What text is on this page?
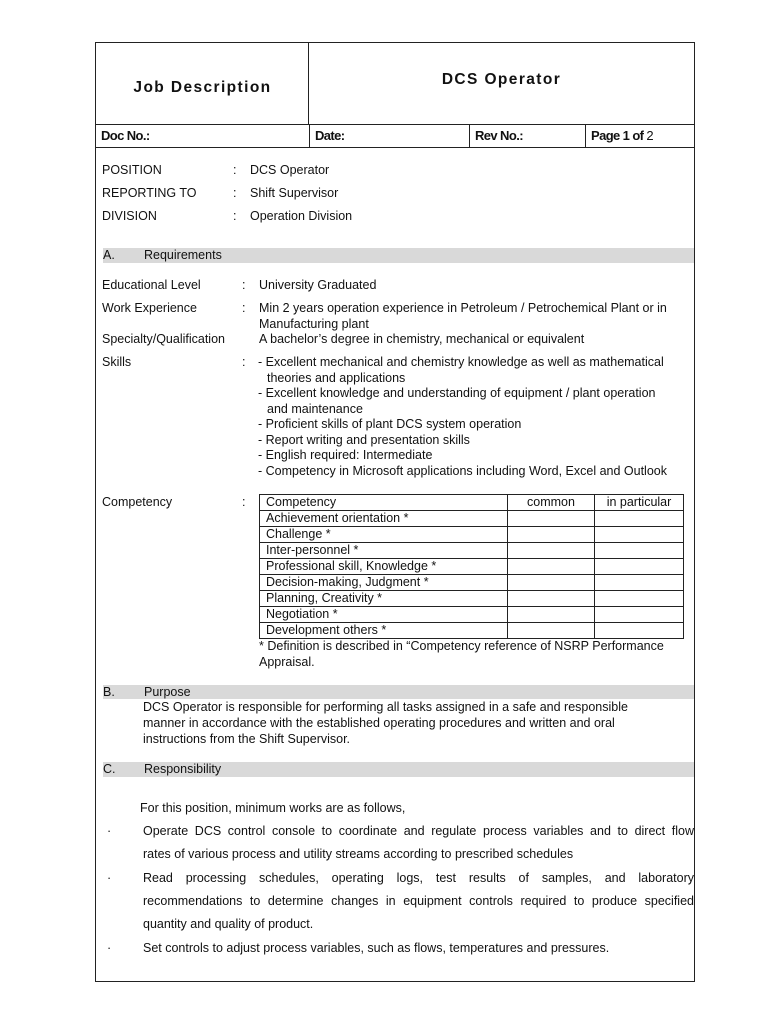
Job Description	DCS Operator
Doc No.:	Date:	Rev No.:	Page 1 of 2
POSITION	: DCS Operator
REPORTING TO	: Shift Supervisor
DIVISION	: Operation Division
A. Requirements
Educational Level	: University Graduated
Work Experience	: Min 2 years operation experience in Petroleum / Petrochemical Plant or in
Manufacturing plant
Specialty/Qualification	A bachelor’s degree in chemistry, mechanical or equivalent
Skills	: - Excellent mechanical and chemistry knowledge as well as mathematical
theories and applications
- Excellent knowledge and understanding of equipment / plant operation
and maintenance
- Proficient skills of plant DCS system operation
- Report writing and presentation skills
- English required: Intermediate
- Competency in Microsoft applications including Word, Excel and Outlook
Competency	: Competency	common	in particular
Achievement orientation *		
Challenge *		
Inter-personnel *		
Professional skill, Knowledge *		
Decision-making, Judgment *		
Planning, Creativity *		
Negotiation *		
Development others *		
* Definition is described in “Competency reference of NSRP Performance
Appraisal.
B. Purpose
DCS Operator is responsible for performing all tasks assigned in a safe and responsible
manner in accordance with the established operating procedures and written and oral
instructions from the Shift Supervisor.
C. Responsibility
For this position, minimum works are as follows,
·	Operate DCS control console to coordinate and regulate process variables and to direct flow
rates of various process and utility streams according to prescribed schedules
·	Read processing schedules, operating logs, test results of samples, and laboratory
recommendations to determine changes in equipment controls required to produce specified
quantity and quality of product.
·	Set controls to adjust process variables, such as flows, temperatures and pressures.
